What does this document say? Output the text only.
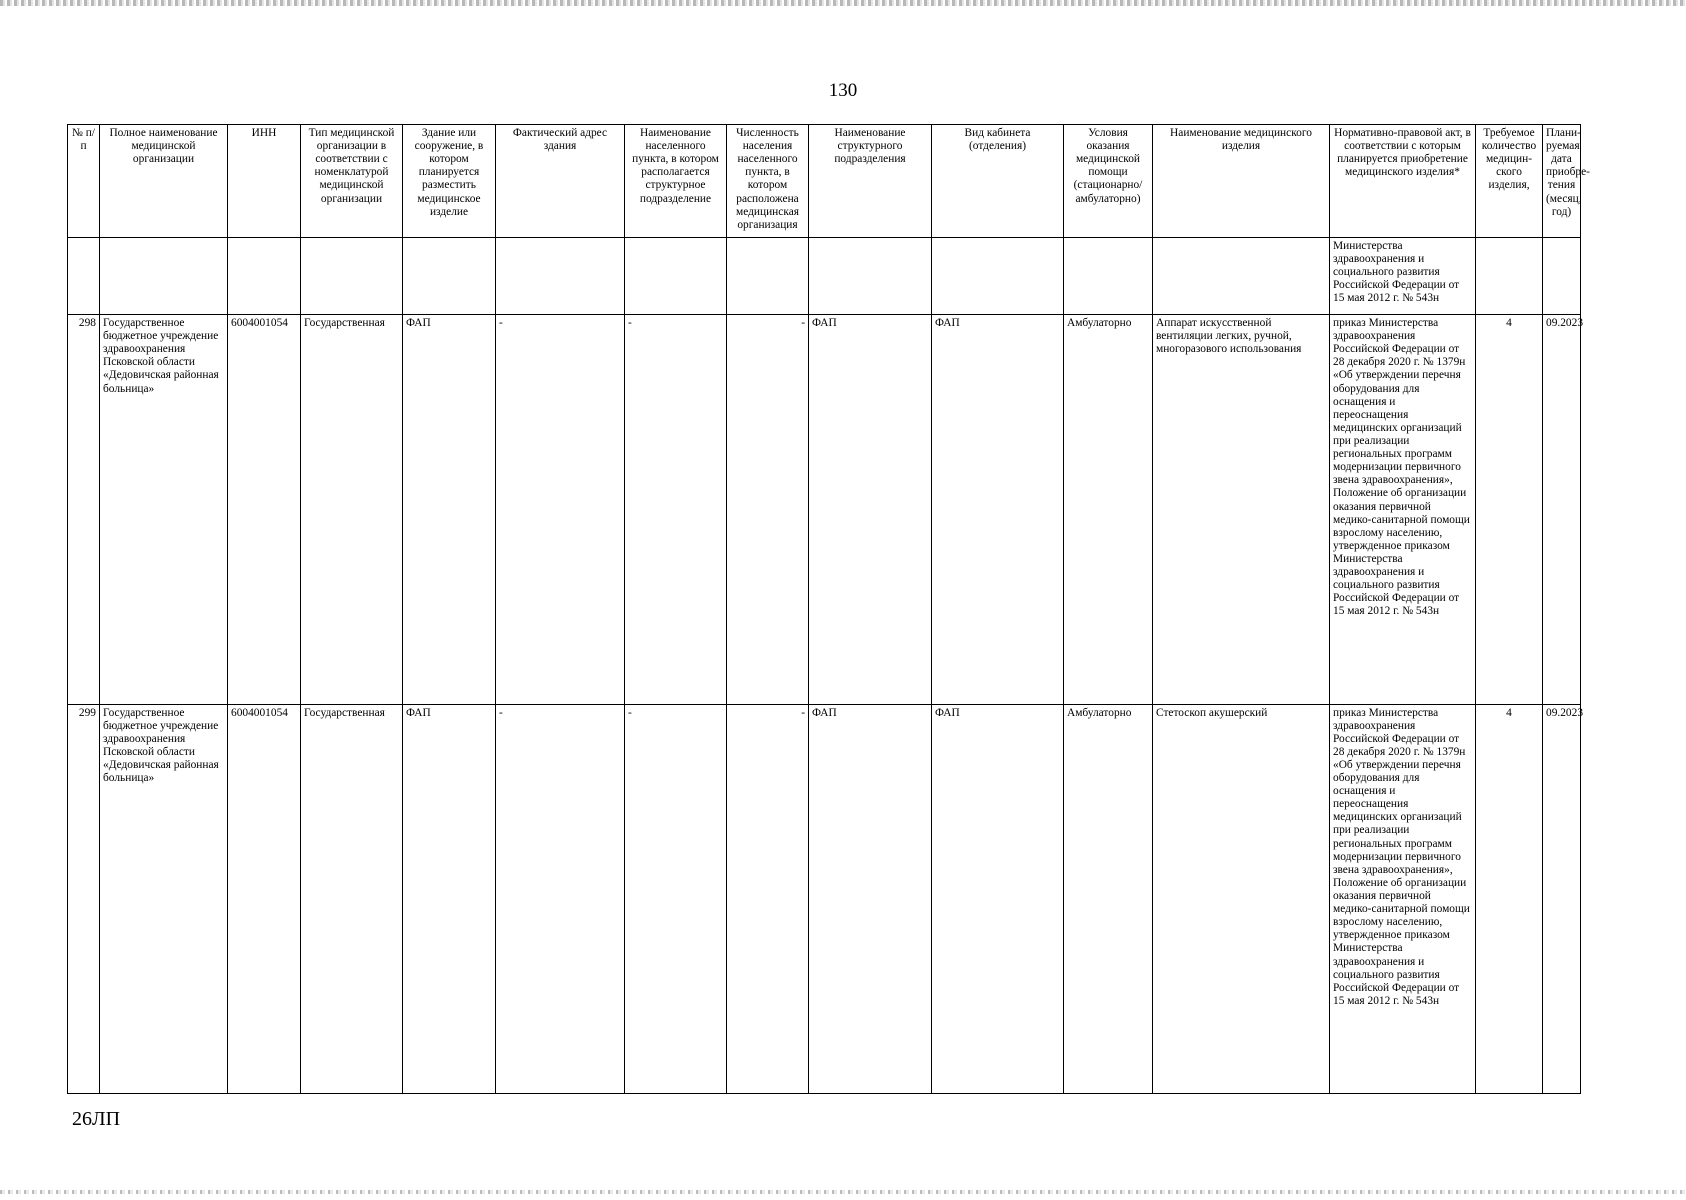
130
№ п/п	Полное наименование медицинской организации	ИНН	Тип медицинской организации в соответствии с номенклатурой медицинской организации	Здание или сооружение, в котором планируется разместить медицинское изделие	Фактический адрес здания	Наименование населенного пункта, в котором располагается структурное подразделение	Численность населения населенного пункта, в котором расположена медицинская организация	Наименование структурного подразделения	Вид кабинета (отделения)	Условия оказания медицинской помощи (стационарно/амбулаторно)	Наименование медицинского изделия	Нормативно-правовой акт, в соответствии с которым планируется приобретение медицинского изделия*	Требуемое количество медицин-ского изделия,	Плани-руемая дата приобре-тения (месяц, год)
												Министерства здравоохранения и социального развития Российской Федерации от 15 мая 2012 г. № 543н		
298	Государственное бюджетное учреждение здравоохранения Псковской области «Дедовичская районная больница»	6004001054	Государственная	ФАП	-	-	-	ФАП	ФАП	Амбулаторно	Аппарат искусственной вентиляции легких, ручной, многоразового использования	приказ Министерства здравоохранения Российской Федерации от 28 декабря 2020 г. № 1379н «Об утверждении перечня оборудования для оснащения и переоснащения медицинских организаций при реализации региональных программ модернизации первичного звена здравоохранения», Положение об организации оказания первичной медико-санитарной помощи взрослому населению, утвержденное приказом Министерства здравоохранения и социального развития Российской Федерации от 15 мая 2012 г. № 543н	4	09.2023
299	Государственное бюджетное учреждение здравоохранения Псковской области «Дедовичская районная больница»	6004001054	Государственная	ФАП	-	-	-	ФАП	ФАП	Амбулаторно	Стетоскоп акушерский	приказ Министерства здравоохранения Российской Федерации от 28 декабря 2020 г. № 1379н «Об утверждении перечня оборудования для оснащения и переоснащения медицинских организаций при реализации региональных программ модернизации первичного звена здравоохранения», Положение об организации оказания первичной медико-санитарной помощи взрослому населению, утвержденное приказом Министерства здравоохранения и социального развития Российской Федерации от 15 мая 2012 г. № 543н	4	09.2023
26ЛП
